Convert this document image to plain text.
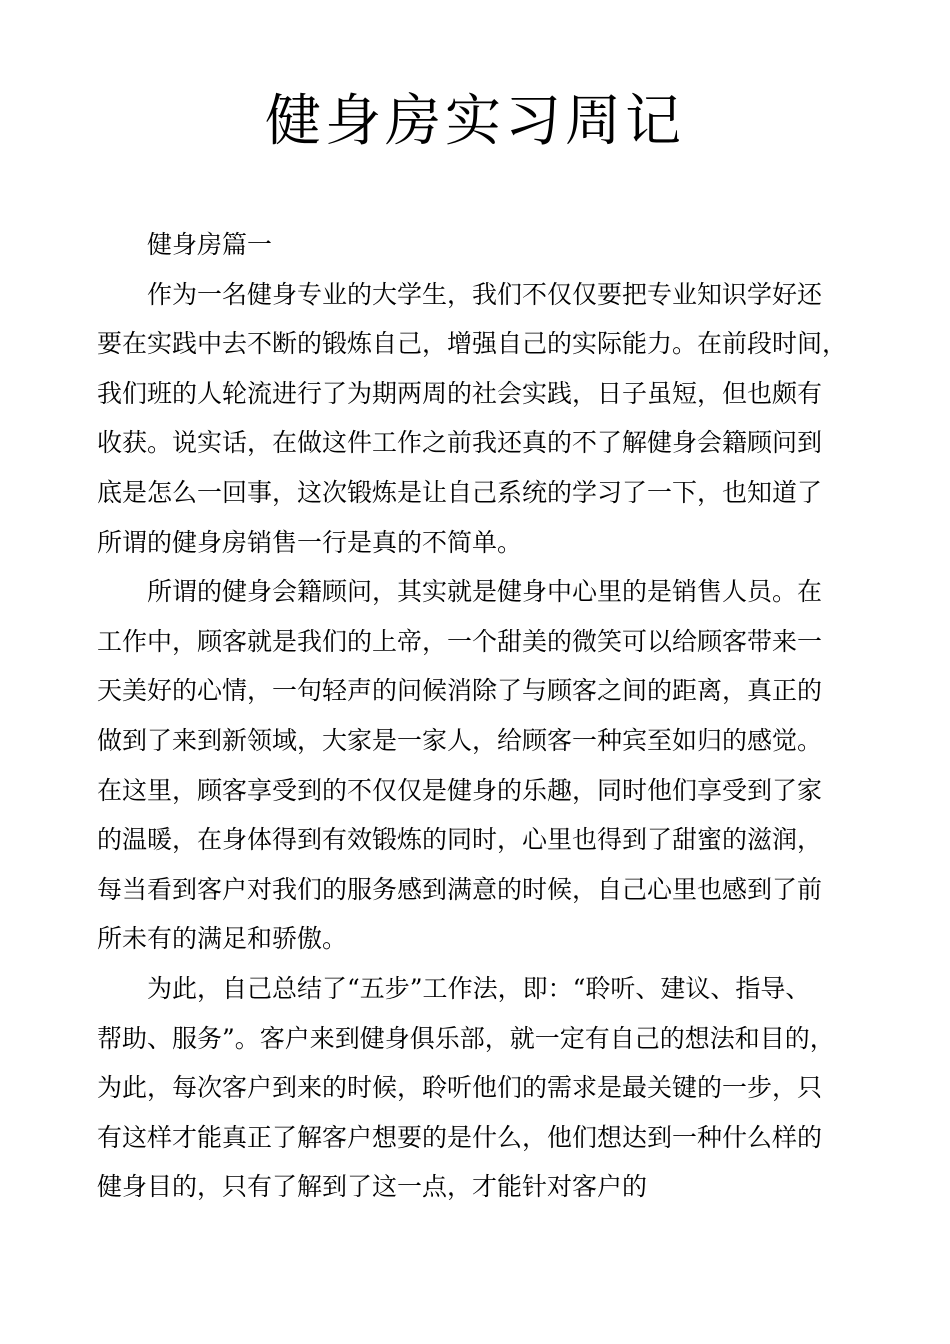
健身房实习周记
健身房篇一
作为一名健身专业的大学生，我们不仅仅要把专业知识学好还
要在实践中去不断的锻炼自己，增强自己的实际能力。在前段时间，
我们班的人轮流进行了为期两周的社会实践，日子虽短，但也颇有
收获。说实话，在做这件工作之前我还真的不了解健身会籍顾问到
底是怎么一回事，这次锻炼是让自己系统的学习了一下，也知道了
所谓的健身房销售一行是真的不简单。
所谓的健身会籍顾问，其实就是健身中心里的是销售人员。在
工作中，顾客就是我们的上帝，一个甜美的微笑可以给顾客带来一
天美好的心情，一句轻声的问候消除了与顾客之间的距离，真正的
做到了来到新领域，大家是一家人，给顾客一种宾至如归的感觉。
在这里，顾客享受到的不仅仅是健身的乐趣，同时他们享受到了家
的温暖，在身体得到有效锻炼的同时，心里也得到了甜蜜的滋润，
每当看到客户对我们的服务感到满意的时候，自己心里也感到了前
所未有的满足和骄傲。
为此，自己总结了“五步”工作法，即：“聆听、建议、指导、
帮助、服务”。客户来到健身俱乐部，就一定有自己的想法和目的，
为此，每次客户到来的时候，聆听他们的需求是最关键的一步，只
有这样才能真正了解客户想要的是什么，他们想达到一种什么样的
健身目的，只有了解到了这一点，才能针对客户的
